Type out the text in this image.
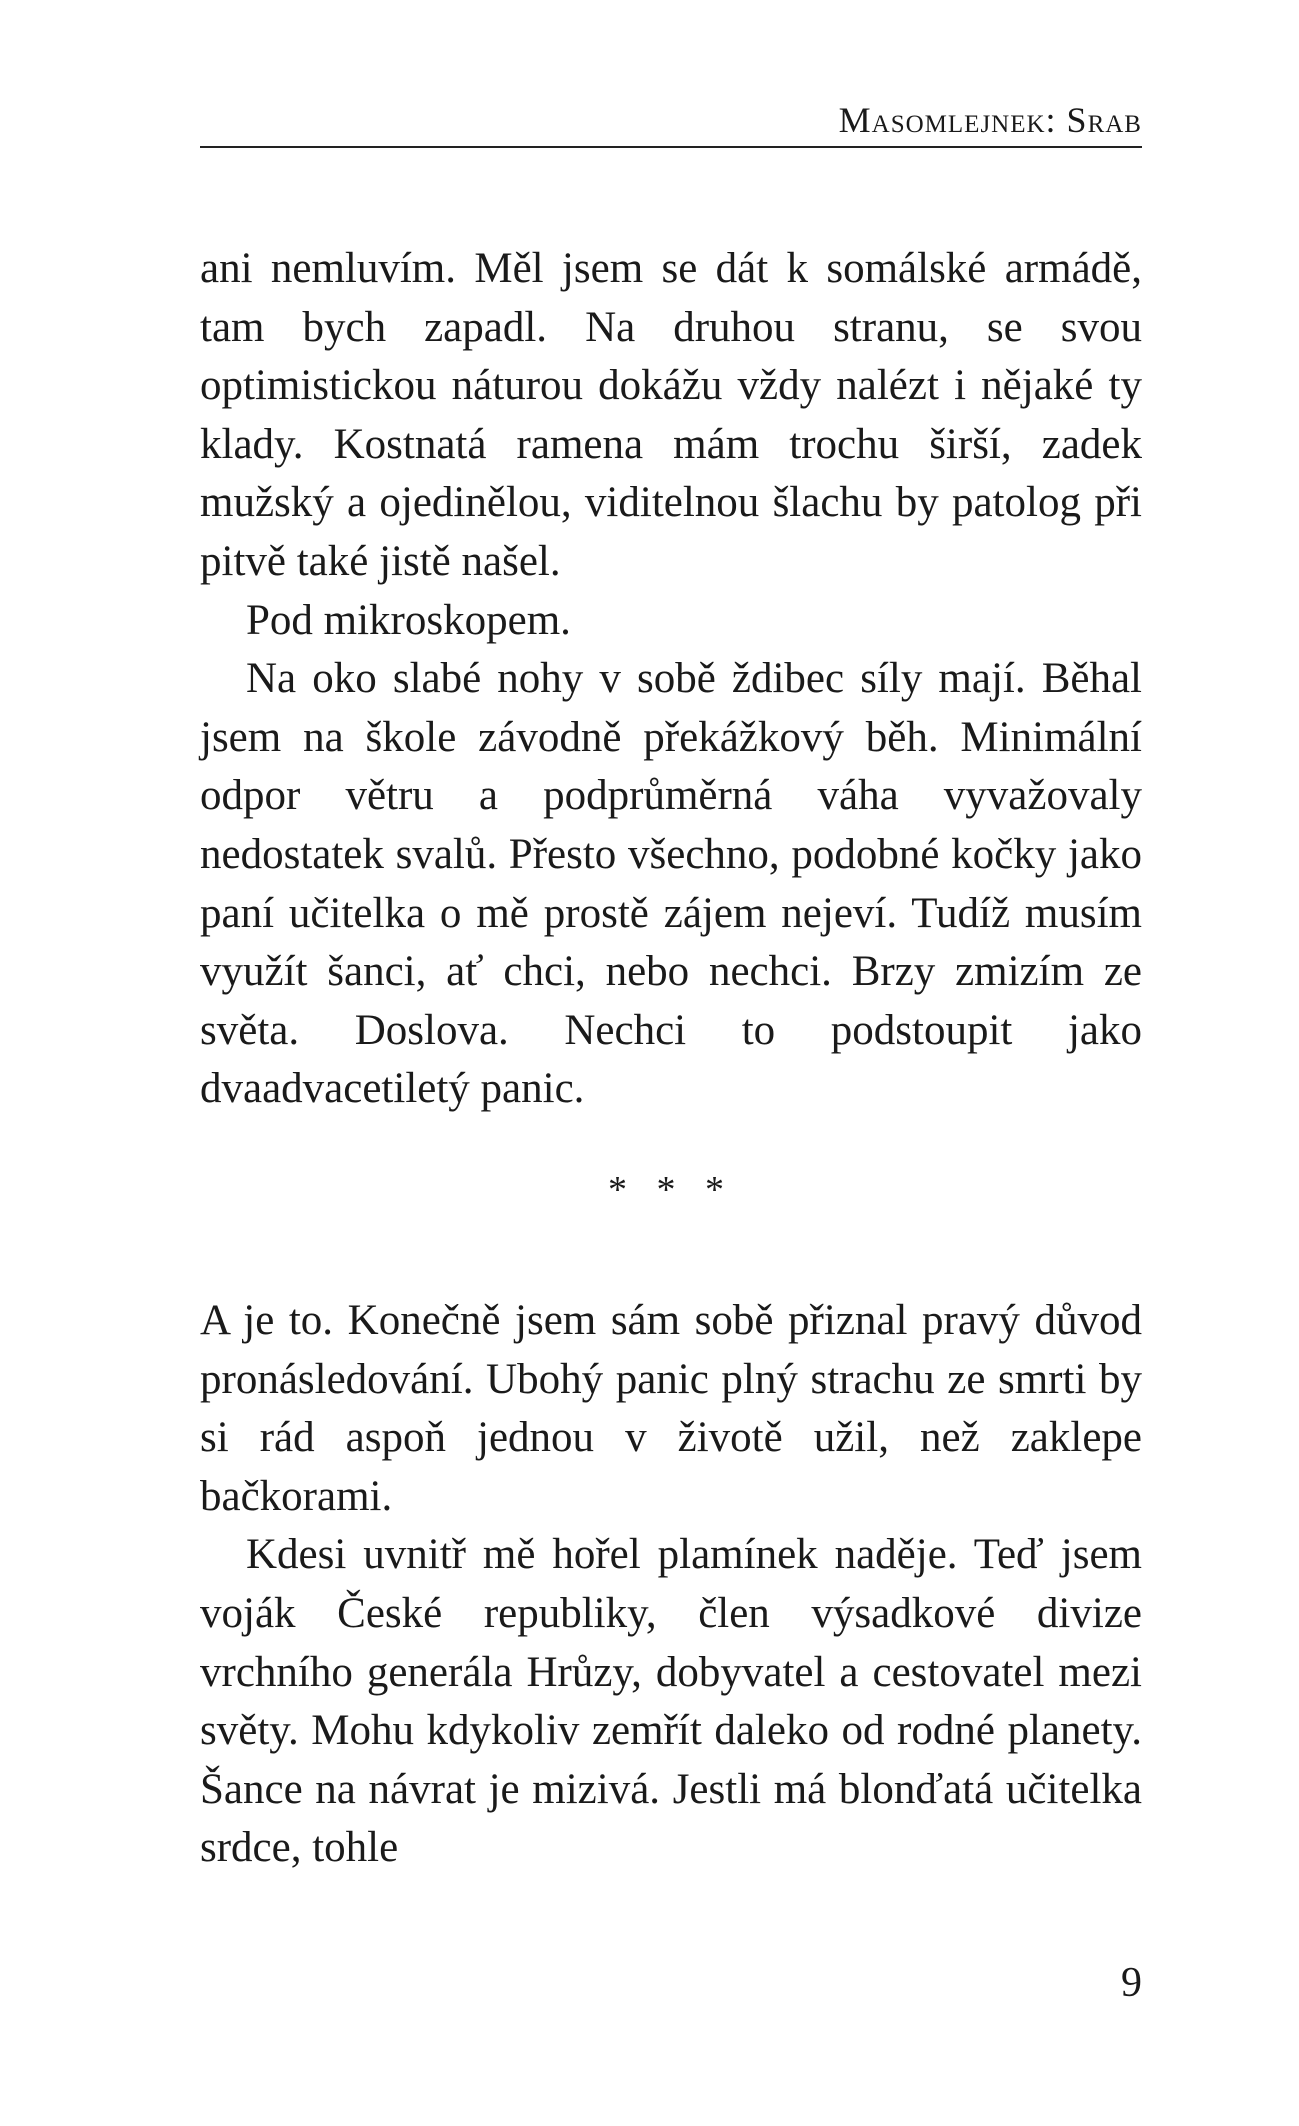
Masomlejnek: Srab

ani nemluvím. Měl jsem se dát k somálské armádě, tam bych zapadl. Na druhou stranu, se svou optimistickou náturou dokážu vždy nalézt i nějaké ty klady. Kostnatá ramena mám trochu širší, zadek mužský a ojedinělou, viditelnou šlachu by patolog při pitvě také jistě našel.

Pod mikroskopem.

Na oko slabé nohy v sobě ždibec síly mají. Běhal jsem na škole závodně překážkový běh. Minimální odpor větru a podprůměrná váha vyvažovaly nedostatek svalů. Přesto všechno, podobné kočky jako paní učitelka o mě prostě zájem nejeví. Tudíž musím využít šanci, ať chci, nebo nechci. Brzy zmizím ze světa. Doslova. Nechci to podstoupit jako dvaadvacetiletý panic.

* * *

A je to. Konečně jsem sám sobě přiznal pravý důvod pronásledování. Ubohý panic plný strachu ze smrti by si rád aspoň jednou v životě užil, než zaklepe bačkorami.

Kdesi uvnitř mě hořel plamínek naděje. Teď jsem voják České republiky, člen výsadkové divize vrchního generála Hrůzy, dobyvatel a cestovatel mezi světy. Mohu kdykoliv zemřít daleko od rodné planety. Šance na návrat je mizivá. Jestli má blonďatá učitelka srdce, tohle

9
